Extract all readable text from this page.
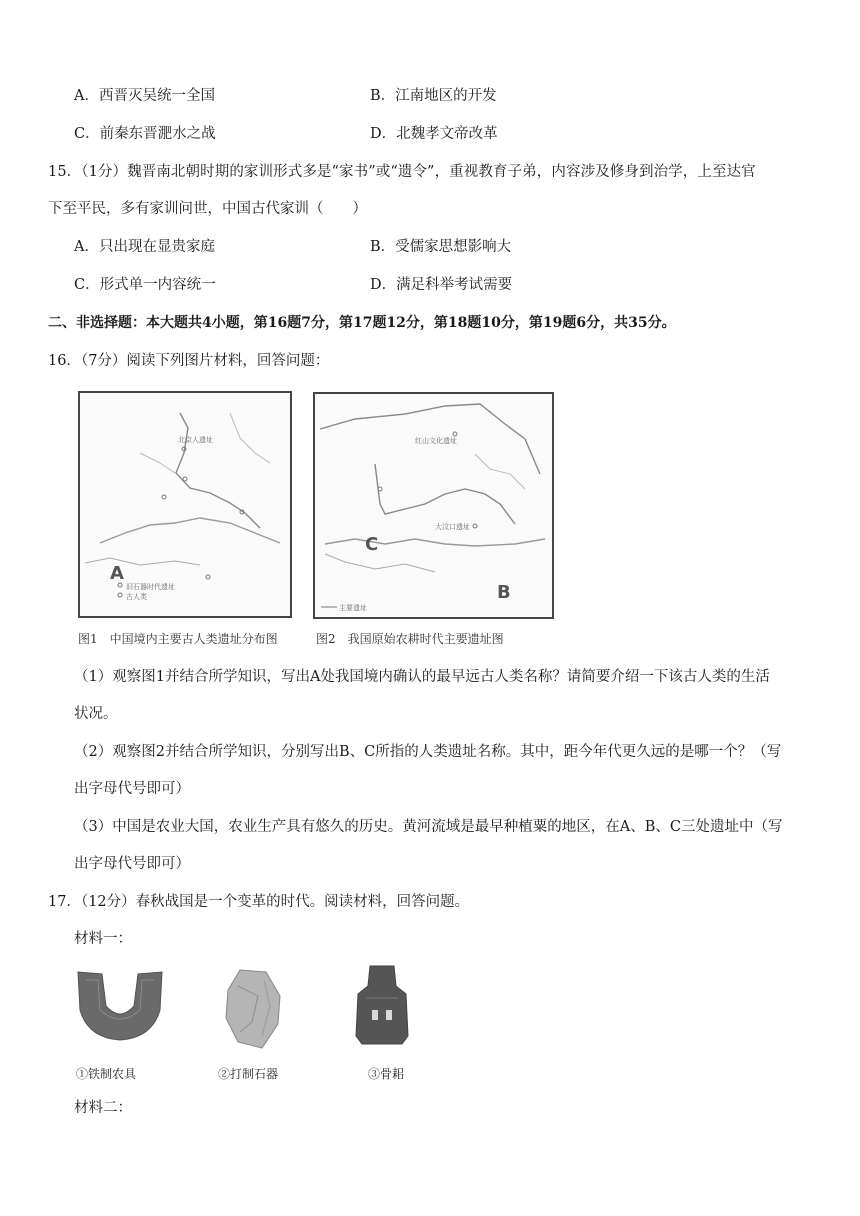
A．西晋灭吴统一全国	B．江南地区的开发
C．前秦东晋淝水之战	D．北魏孝文帝改革
15．（1分）魏晋南北朝时期的家训形式多是“家书”或“遗令”，重视教育子弟，内容涉及修身到治学，上至达官
下至平民，多有家训问世，中国古代家训（　　）
A．只出现在显贵家庭	B．受儒家思想影响大
C．形式单一内容统一	D．满足科举考试需要
二、非选择题：本大题共4小题，第16题7分，第17题12分，第18题10分，第19题6分，共35分。
16．（7分）阅读下列图片材料，回答问题：
北京人遗址
A
旧石器时代遗址
古人类
红山文化遗址
大汶口遗址
C
B
主要遗址
图1　中国境内主要古人类遗址分布图	图2　我国原始农耕时代主要遗址图
（1）观察图1并结合所学知识，写出A处我国境内确认的最早远古人类名称？请简要介绍一下该古人类的生活
状况。
（2）观察图2并结合所学知识，分别写出B、C所指的人类遗址名称。其中，距今年代更久远的是哪一个？（写
出字母代号即可）
（3）中国是农业大国，农业生产具有悠久的历史。黄河流域是最早种植粟的地区，在A、B、C三处遗址中（写
出字母代号即可）
17．（12分）春秋战国是一个变革的时代。阅读材料，回答问题。
材料一：
①铁制农具	②打制石器	③骨耜
材料二：
